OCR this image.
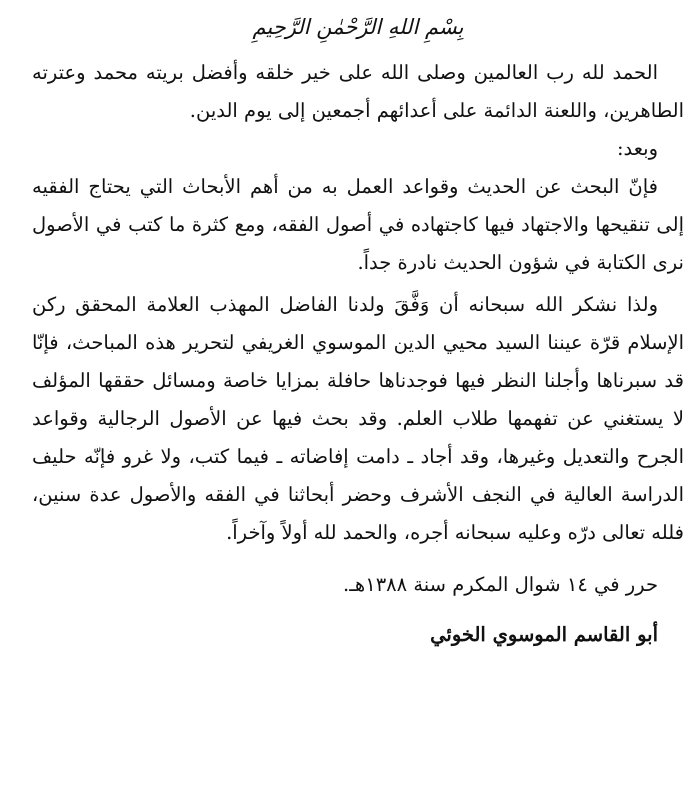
بِسْمِ اللهِ الرَّحْمٰنِ الرَّحِيمِ

الحمد لله رب العالمين وصلى الله على خير خلقه وأفضل بريته محمد وعترته الطاهرين، واللعنة الدائمة على أعدائهم أجمعين إلى يوم الدين.

وبعد:

فإنّ البحث عن الحديث وقواعد العمل به من أهم الأبحاث التي يحتاج الفقيه إلى تنقيحها والاجتهاد فيها كاجتهاده في أصول الفقه، ومع كثرة ما كتب في الأصول نرى الكتابة في شؤون الحديث نادرة جداً.

ولذا نشكر الله سبحانه أن وَفَّقَ ولدنا الفاضل المهذب العلامة المحقق ركن الإسلام قرّة عيننا السيد محيي الدين الموسوي الغريفي لتحرير هذه المباحث، فإنّا قد سبرناها وأجلنا النظر فيها فوجدناها حافلة بمزايا خاصة ومسائل حققها المؤلف لا يستغني عن تفهمها طلاب العلم. وقد بحث فيها عن الأصول الرجالية وقواعد الجرح والتعديل وغيرها، وقد أجاد ـ دامت إفاضاته ـ فيما كتب، ولا غرو فإنّه حليف الدراسة العالية في النجف الأشرف وحضر أبحاثنا في الفقه والأصول عدة سنين، فلله تعالى درّه وعليه سبحانه أجره، والحمد لله أولاً وآخراً.

حرر في ١٤ شوال المكرم سنة ١٣٨٨هـ.

أبو القاسم الموسوي الخوئي
